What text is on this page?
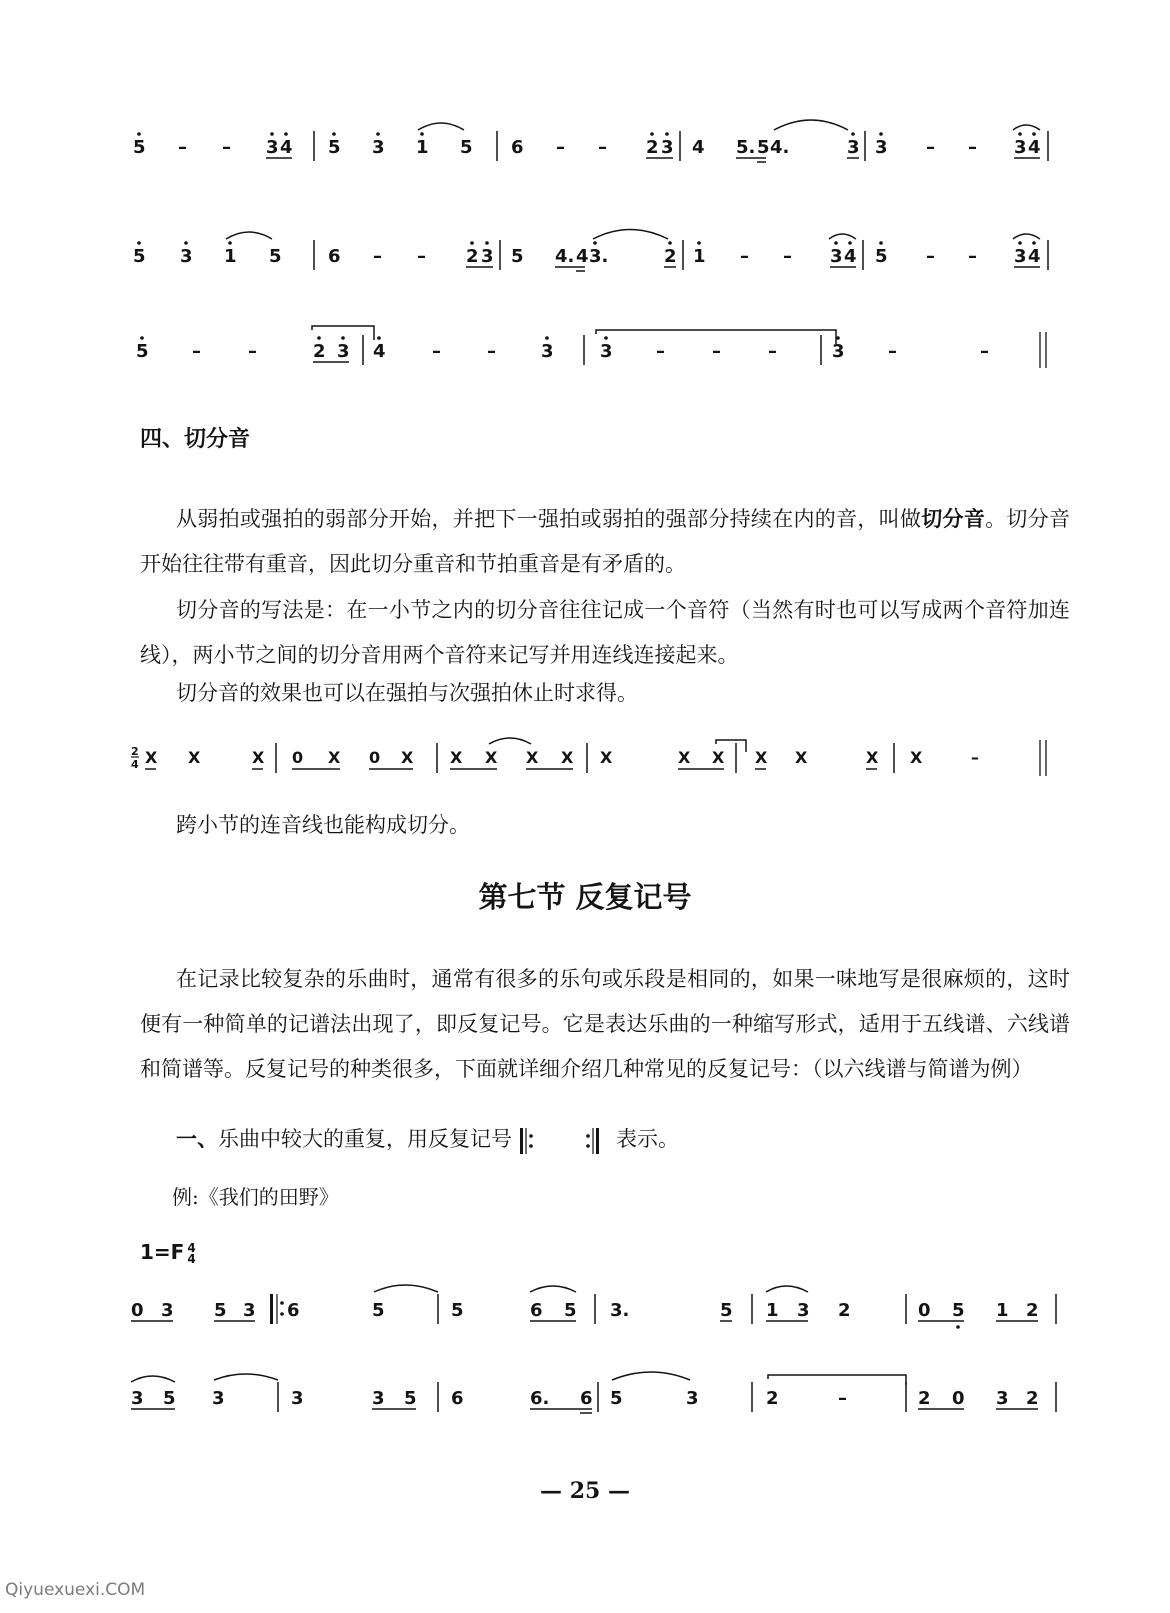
5 – – 3 4 5 3 1 5 6 – – 2 3 4 5. 5 4.	3 3 – – 3 4
5 3 1 5	6 – – 2 3 5 4. 4 3.	2 1 – – 3 4 5 – – 3 4
5 –	–	2 3 4	–	–	3	3 –	–	–	3 –	–
四、切分音

从弱拍或强拍的弱部分开始，并把下一强拍或弱拍的强部分持续在内的音，叫做切分音。切分音开始往往带有重音，因此切分重音和节拍重音是有矛盾的。

切分音的写法是：在一小节之内的切分音往往记成一个音符（当然有时也可以写成两个音符加连线），两小节之间的切分音用两个音符来记写并用连线连接起来。

切分音的效果也可以在强拍与次强拍休止时求得。

2
4 X X	X 0 X 0 X X X X X X	X X X X	X X	–

跨小节的连音线也能构成切分。

第七节 反复记号

在记录比较复杂的乐曲时，通常有很多的乐句或乐段是相同的，如果一味地写是很麻烦的，这时便有一种简单的记谱法出现了，即反复记号。它是表达乐曲的一种缩写形式，适用于五线谱、六线谱和简谱等。反复记号的种类很多，下面就详细介绍几种常见的反复记号：（以六线谱与简谱为例）

一、乐曲中较大的重复，用反复记号	表示。

例:《我们的田野》

1=F 4
4
0 3 5 3 6	5	5	6 5 3.	5 1 3 2	0 5 1 2
3 5 3	3	3 5 6	6. 6 5	3	2	–	2 0 3 2

— 25 —

Qiyuexuexi.COM
